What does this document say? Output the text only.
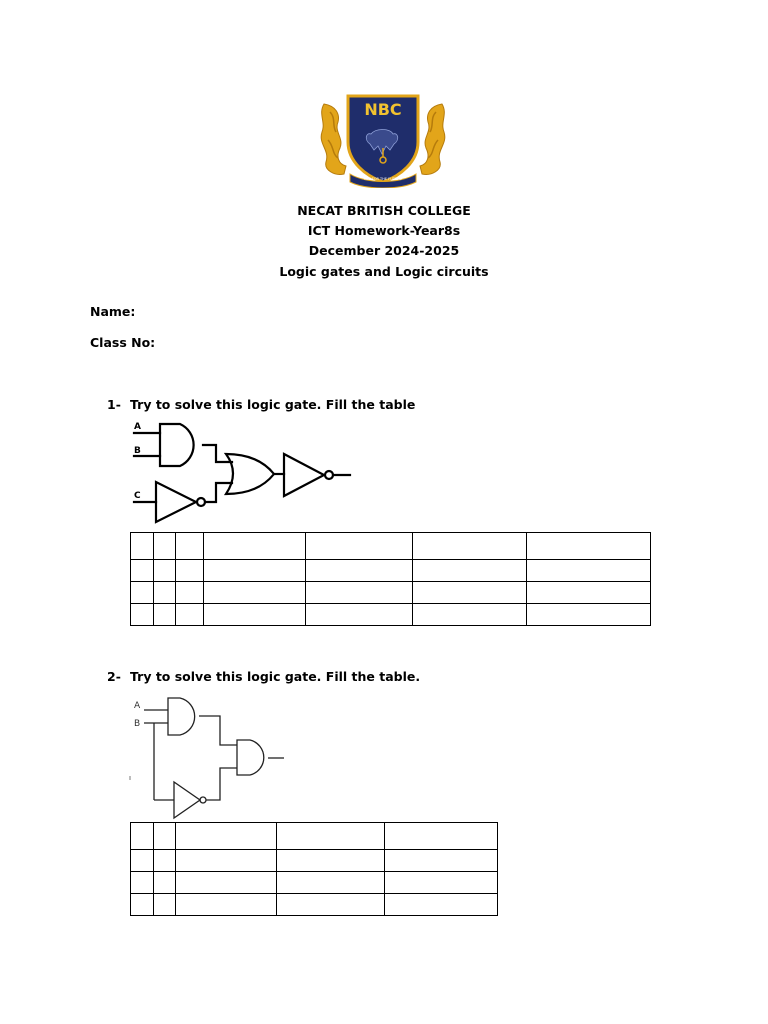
NBC
KEY FOR THE FUTURE
NECAT BRITISH COLLEGE
ICT Homework-Year8s
December 2024-2025
Logic gates and Logic circuits
Name:
Class No:
1- Try to solve this logic gate. Fill the table
A
B
C

2- Try to solve this logic gate. Fill the table.
A
B
